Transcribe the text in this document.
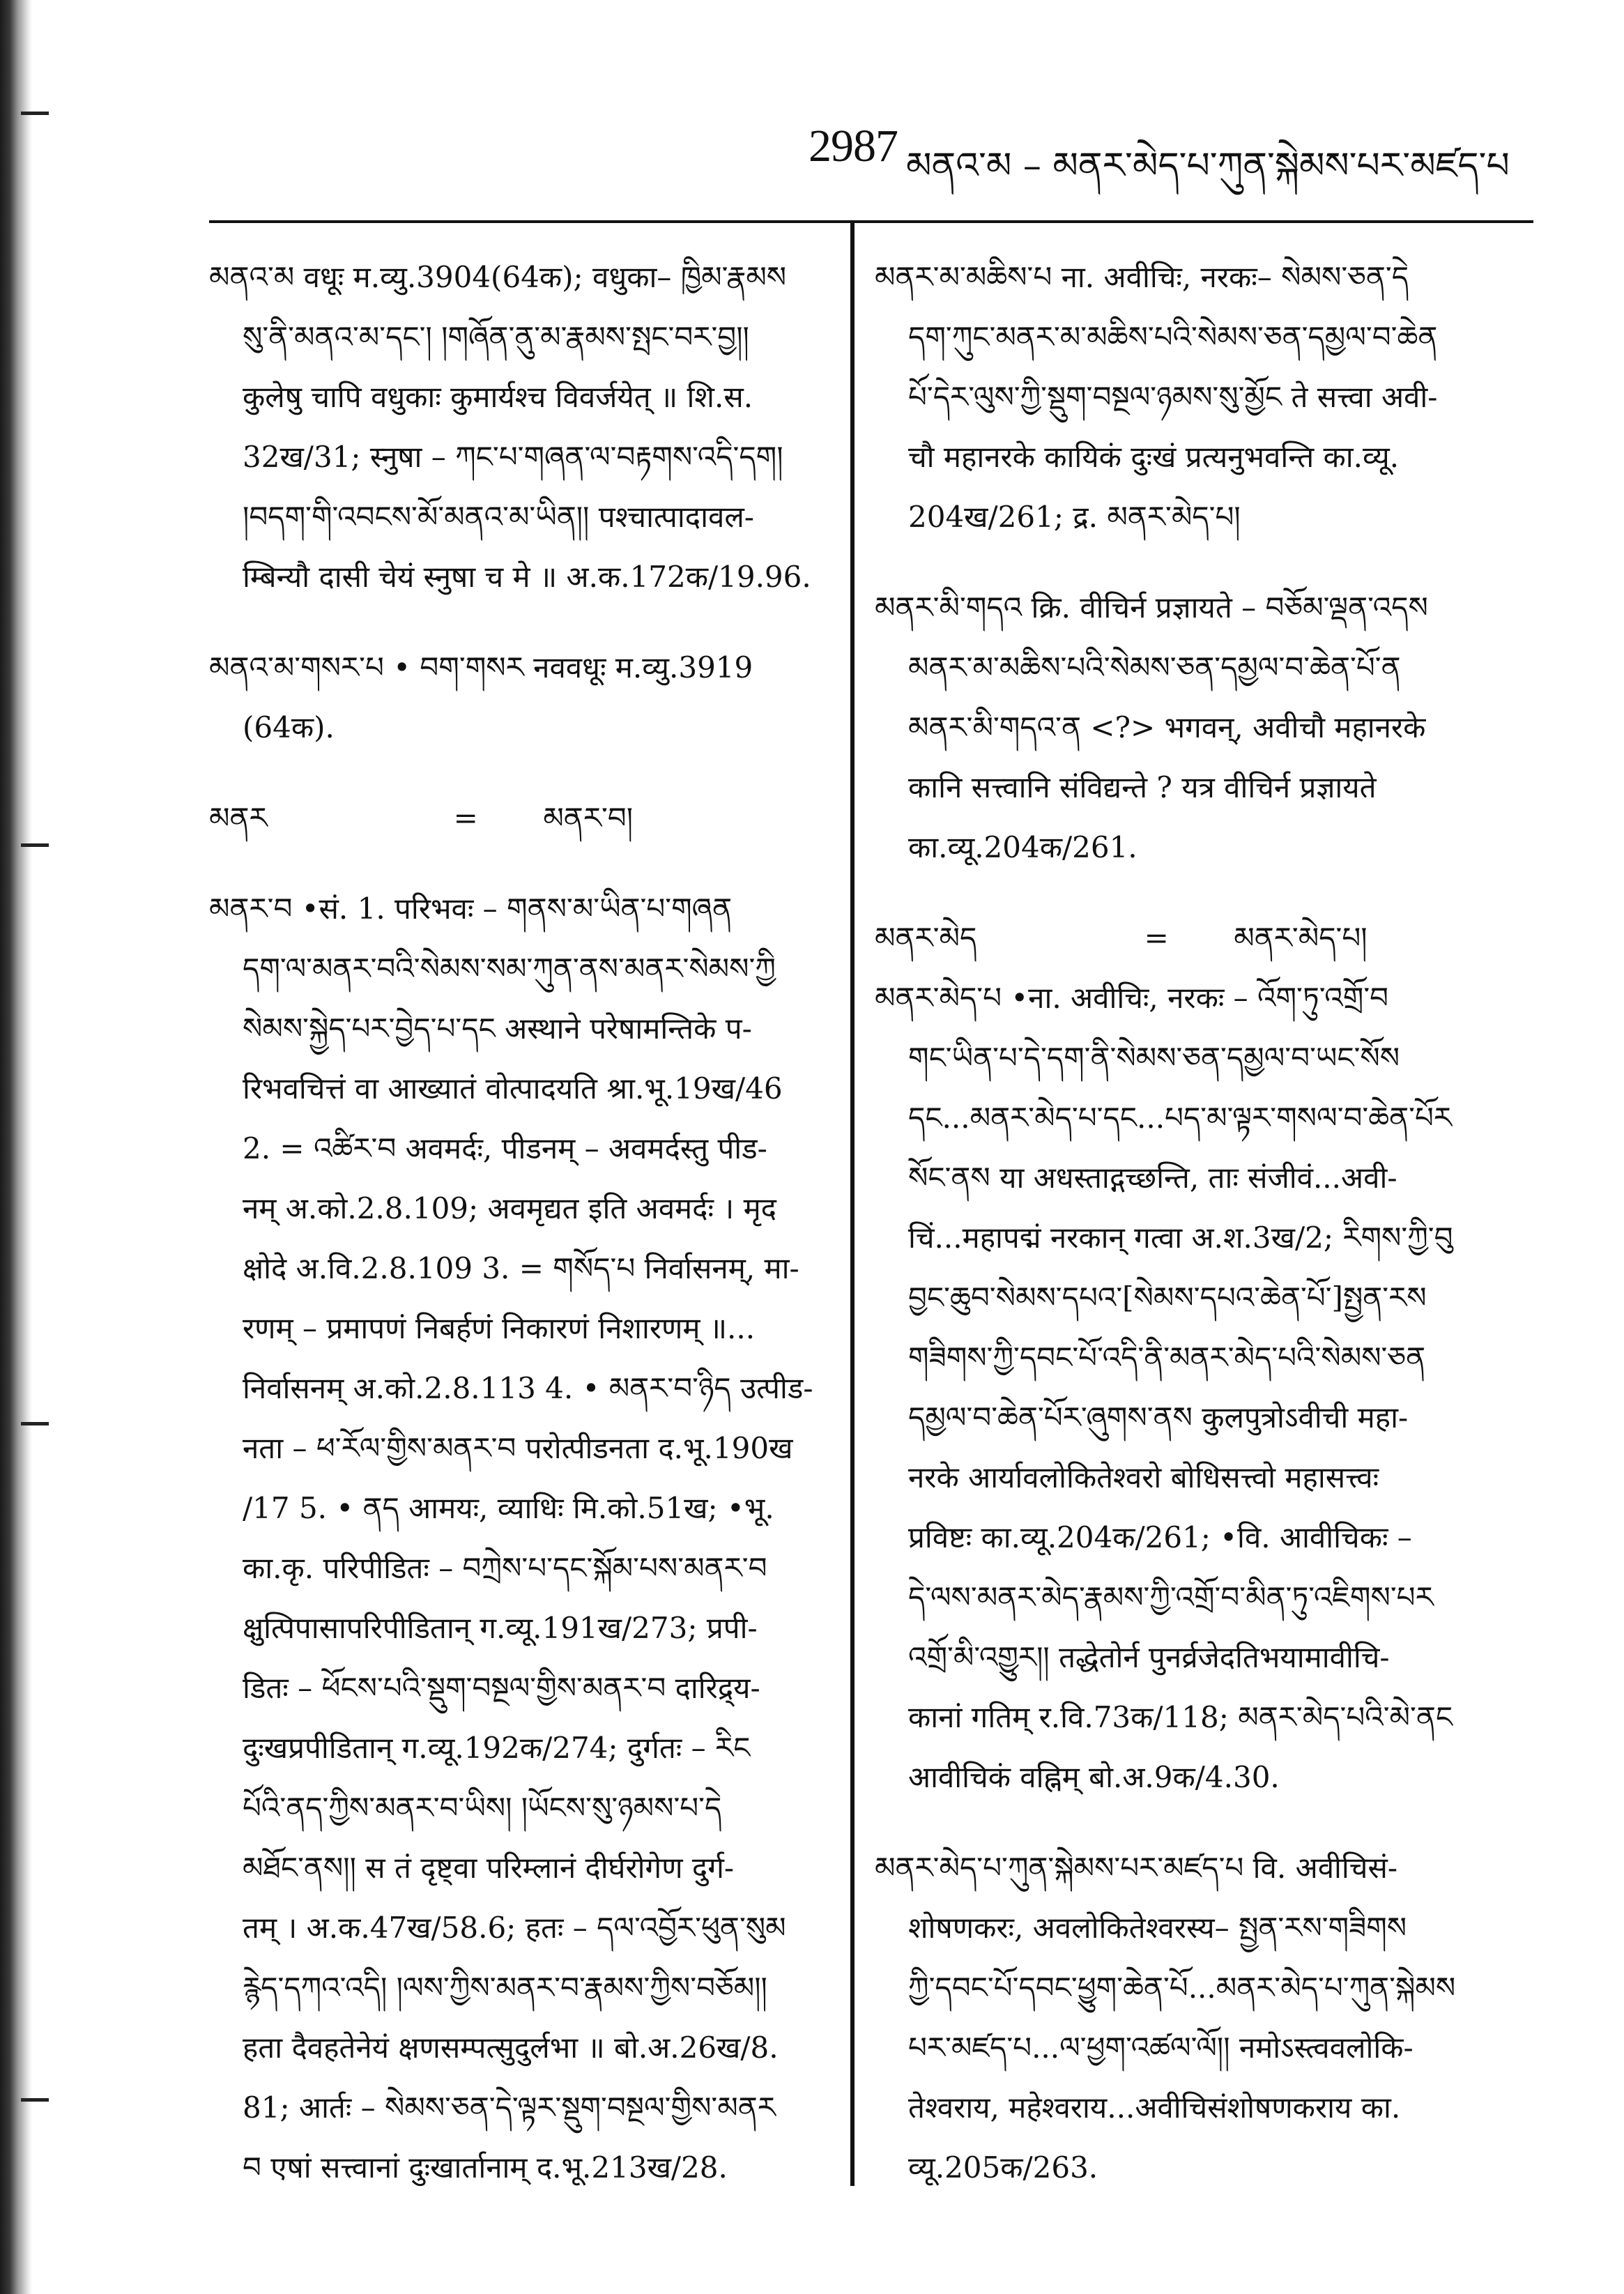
2987 མནའ་མ – མནར་མེད་པ་ཀུན་སྐེམས་པར་མཛད་པ
མནའ་མ वधूः म.व्यु.3904(64क); वधुका– ཁྱིམ་རྣམས
སུ་ནི་མནའ་མ་དང་། །གཞོན་ནུ་མ་རྣམས་སྤང་བར་བྱ།།
कुलेषु चापि वधुकाः कुमार्यश्च विवर्जयेत् ॥ शि.स.
32ख/31; स्नुषा – ཀང་པ་གཞན་ལ་བརྟགས་འདི་དག།
།བདག་གི་འབངས་མོ་མནའ་མ་ཡིན།། पश्चात्पादावल-
म्बिन्यौ दासी चेयं स्नुषा च मे ॥ अ.क.172क/19.96.
མནའ་མ་གསར་པ • བག་གསར नववधूः म.व्यु.3919
(64क).
མནར                    =       མནར་བ།
མནར་བ •सं. 1. परिभवः – གནས་མ་ཡིན་པ་གཞན
དག་ལ་མནར་བའི་སེམས་སམ་ཀུན་ནས་མནར་སེམས་ཀྱི
སེམས་སྐྱེད་པར་བྱེད་པ་དང अस्थाने परेषामन्तिके प-
रिभवचित्तं वा आख्यातं वोत्पादयति श्रा.भू.19ख/46
2. = འཚིར་བ अवमर्दः, पीडनम् – अवमर्दस्तु पीड-
नम् अ.को.2.8.109; अवमृद्यत इति अवमर्दः । मृद
क्षोदे अ.वि.2.8.109 3. = གསོད་པ निर्वासनम्, मा-
रणम् – प्रमापणं निबर्हणं निकारणं निशारणम् ॥...
निर्वासनम् अ.को.2.8.113 4. • མནར་བ་ཉིད उत्पीड-
नता – ཕ་རོལ་གྱིས་མནར་བ परोत्पीडनता द.भू.190ख
/17 5. • ནད आमयः, व्याधिः मि.को.51ख; •भू.
का.कृ. परिपीडितः – བཀྲེས་པ་དང་སྐོམ་པས་མནར་བ
क्षुत्पिपासापरिपीडितान् ग.व्यू.191ख/273; प्रपी-
डितः – ཕོངས་པའི་སྡུག་བསྔལ་གྱིས་མནར་བ दारिद्र्य-
दुःखप्रपीडितान् ग.व्यू.192क/274; दुर्गतः – རིང
པོའི་ནད་ཀྱིས་མནར་བ་ཡིས། །ཡོངས་སུ་ཉམས་པ་དེ
མཐོང་ནས།། स तं दृष्ट्वा परिम्लानं दीर्घरोगेण दुर्ग-
तम् । अ.क.47ख/58.6; हतः – དལ་འབྱོར་ཕུན་སུམ
རྙེད་དཀའ་འདི། །ལས་ཀྱིས་མནར་བ་རྣམས་ཀྱིས་བཅོམ།།
हता दैवहतेनेयं क्षणसम्पत्सुदुर्लभा ॥ बो.अ.26ख/8.
81; आर्तः – སེམས་ཅན་དེ་ལྟར་སྡུག་བསྔལ་གྱིས་མནར
བ एषां सत्त्वानां दुःखार्तानाम् द.भू.213ख/28.
མནར་མ་མཆིས་པ ना. अवीचिः, नरकः– སེམས་ཅན་དེ
དག་ཀུང་མནར་མ་མཆིས་པའི་སེམས་ཅན་དམྱལ་བ་ཆེན
པོ་དེར་ལུས་ཀྱི་སྡུག་བསྔལ་ཉམས་སུ་མྱོང ते सत्त्वा अवी-
चौ महानरके कायिकं दुःखं प्रत्यनुभवन्ति का.व्यू.
204ख/261; द्र. མནར་མེད་པ།
མནར་མི་གདའ क्रि. वीचिर्न प्रज्ञायते – བཅོམ་ལྡན་འདས
མནར་མ་མཆིས་པའི་སེམས་ཅན་དམྱལ་བ་ཆེན་པོ་ན
མནར་མི་གདའ་ན <?> भगवन्, अवीचौ महानरके
कानि सत्त्वानि संविद्यन्ते ? यत्र वीचिर्न प्रज्ञायते
का.व्यू.204क/261.
མནར་མེད                  =       མནར་མེད་པ།
མནར་མེད་པ •ना. अवीचिः, नरकः – འོག་ཏུ་འགྲོ་བ
གང་ཡིན་པ་དེ་དག་ནི་སེམས་ཅན་དམྱལ་བ་ཡང་སོས
དང...མནར་མེད་པ་དང...པད་མ་ལྟར་གསལ་བ་ཆེན་པོར
སོང་ནས या अधस्ताद्गच्छन्ति, ताः संजीवं...अवी-
चिं...महापद्मं नरकान् गत्वा अ.श.3ख/2; རིགས་ཀྱི་བུ
བྱང་ཆུབ་སེམས་དཔའ་[སེམས་དཔའ་ཆེན་པོ་]སྤྱན་རས
གཟིགས་ཀྱི་དབང་པོ་འདི་ནི་མནར་མེད་པའི་སེམས་ཅན
དམྱལ་བ་ཆེན་པོར་ཞུགས་ནས कुलपुत्रोऽवीची महा-
नरके आर्यावलोकितेश्वरो बोधिसत्त्वो महासत्त्वः
प्रविष्टः का.व्यू.204क/261; •वि. आवीचिकः –
དེ་ལས་མནར་མེད་རྣམས་ཀྱི་འགྲོ་བ་མིན་ཏུ་འཇིགས་པར
འགྲོ་མི་འགྱུར།། तद्धेतोर्न पुनर्व्रजेदतिभयामावीचि-
कानां गतिम् र.वि.73क/118; མནར་མེད་པའི་མེ་ནང
आवीचिकं वह्निम् बो.अ.9क/4.30.
མནར་མེད་པ་ཀུན་སྐེམས་པར་མཛད་པ वि. अवीचिसं-
शोषणकरः, अवलोकितेश्वरस्य– སྤྱན་རས་གཟིགས
ཀྱི་དབང་པོ་དབང་ཕྱུག་ཆེན་པོ...མནར་མེད་པ་ཀུན་སྐེམས
པར་མཛད་པ...ལ་ཕྱག་འཚལ་ལོ།། नमोऽस्त्ववलोकि-
तेश्वराय, महेश्वराय...अवीचिसंशोषणकराय का.
व्यू.205क/263.
